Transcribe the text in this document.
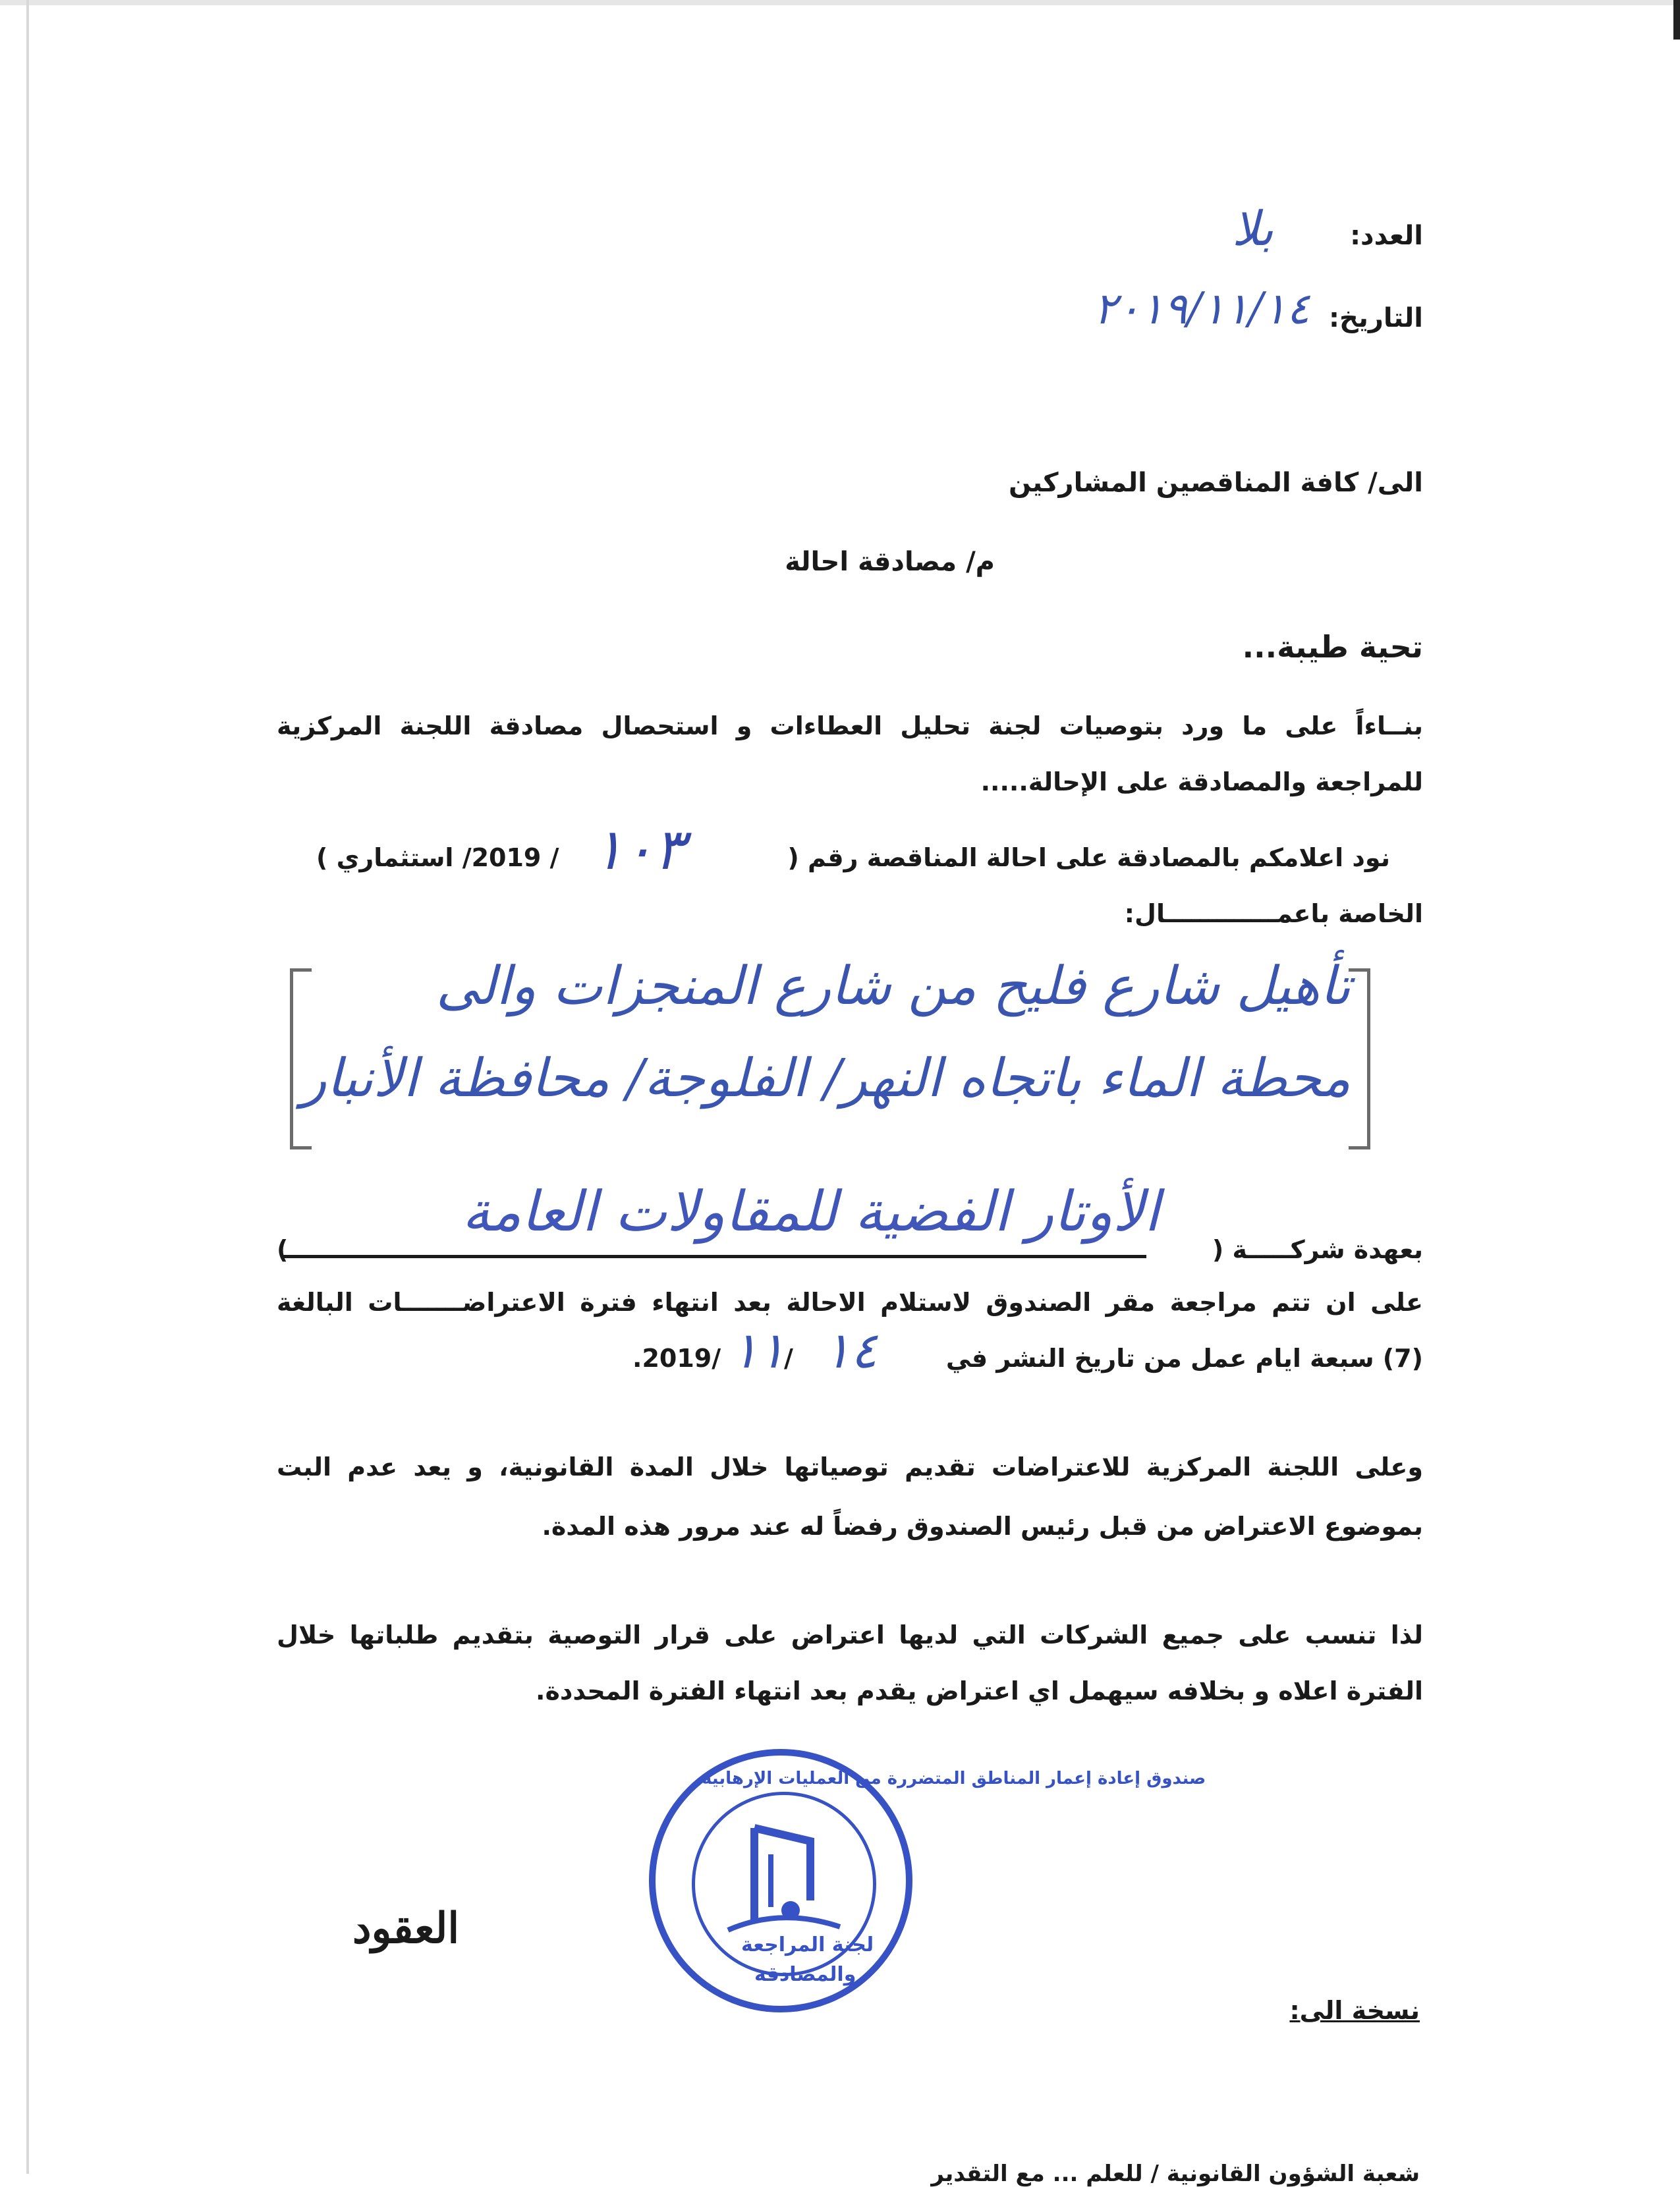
العدد:
بلا
التاريخ:
٢٠١٩/١١/١٤
الى/ كافة المناقصين المشاركين
م/ مصادقة احالة
تحية طيبة...
بنــاءاً على ما ورد بتوصيات لجنة تحليل العطاءات و استحصال مصادقة اللجنة المركزية
للمراجعة والمصادقة على الإحالة.....
نود اعلامكم بالمصادقة على احالة المناقصة رقم (
١٠٣
/ 2019/ استثماري )
الخاصة باعمـــــــــــــال:
تأهيل شارع فليح من شارع المنجزات والى
محطة الماء باتجاه النهر/ الفلوجة/ محافظة الأنبار
بعهدة شركـــــة (
الأوتار الفضية للمقاولات العامة
)
على ان تتم مراجعة مقر الصندوق لاستلام الاحالة بعد انتهاء فترة الاعتراضـــــــات البالغة
(7) سبعة ايام عمل من تاريخ النشر في
١٤
/
١١
/2019.
وعلى اللجنة المركزية للاعتراضات تقديم توصياتها خلال المدة القانونية، و يعد عدم البت
بموضوع الاعتراض من قبل رئيس الصندوق رفضاً له عند مرور هذه المدة.
لذا تنسب على جميع الشركات التي لديها اعتراض على قرار التوصية بتقديم طلباتها خلال
الفترة اعلاه و بخلافه سيهمل اي اعتراض يقدم بعد انتهاء الفترة المحددة.
صندوق إعادة إعمار المناطق المتضررة من العمليات الإرهابية
لجنة المراجعة
والمصادقة
العقود
نسخة الى:
شعبة الشؤون القانونية / للعلم ... مع التقدير
